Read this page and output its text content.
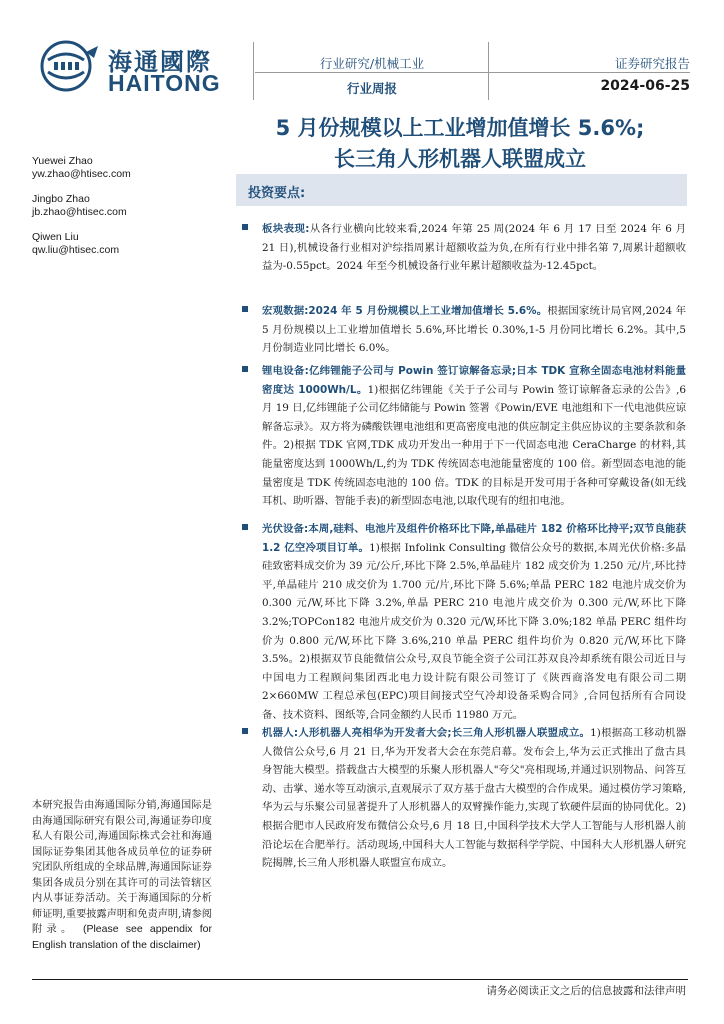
海通國際
HAITONG
行业研究/机械工业
行业周报
证券研究报告
2024-06-25
5 月份规模以上工业增加值增长 5.6%;
长三角人形机器人联盟成立
Yuewei Zhao
yw.zhao@htisec.com
Jingbo Zhao
jb.zhao@htisec.com
Qiwen Liu
qw.liu@htisec.com
投资要点:
板块表现:从各行业横向比较来看,2024 年第 25 周(2024 年 6 月 17 日至 2024 年 6 月 21 日),机械设备行业相对沪综指周累计超额收益为负,在所有行业中排名第 7,周累计超额收益为-0.55pct。2024 年至今机械设备行业年累计超额收益为-12.45pct。
宏观数据:2024 年 5 月份规模以上工业增加值增长 5.6%。根据国家统计局官网,2024 年 5 月份规模以上工业增加值增长 5.6%,环比增长 0.30%,1-5 月份同比增长 6.2%。其中,5 月份制造业同比增长 6.0%。
锂电设备:亿纬锂能子公司与 Powin 签订谅解备忘录;日本 TDK 宣称全固态电池材料能量密度达 1000Wh/L。1)根据亿纬锂能《关于子公司与 Powin 签订谅解备忘录的公告》,6 月 19 日,亿纬锂能子公司亿纬储能与 Powin 签署《Powin/EVE 电池组和下一代电池供应谅解备忘录》。双方将为磷酸铁锂电池组和更高密度电池的供应制定主供应协议的主要条款和条件。2)根据 TDK 官网,TDK 成功开发出一种用于下一代固态电池 CeraCharge 的材料,其能量密度达到 1000Wh/L,约为 TDK 传统固态电池能量密度的 100 倍。新型固态电池的能量密度是 TDK 传统固态电池的 100 倍。TDK 的目标是开发可用于各种可穿戴设备(如无线耳机、助听器、智能手表)的新型固态电池,以取代现有的纽扣电池。
光伏设备:本周,硅料、电池片及组件价格环比下降,单晶硅片 182 价格环比持平;双节良能获 1.2 亿空冷项目订单。1)根据 Infolink Consulting 微信公众号的数据,本周光伏价格:多晶硅致密料成交价为 39 元/公斤,环比下降 2.5%,单晶硅片 182 成交价为 1.250 元/片,环比持平,单晶硅片 210 成交价为 1.700 元/片,环比下降 5.6%;单晶 PERC 182 电池片成交价为 0.300 元/W,环比下降 3.2%,单晶 PERC 210 电池片成交价为 0.300 元/W,环比下降 3.2%;TOPCon182 电池片成交价为 0.320 元/W,环比下降 3.0%;182 单晶 PERC 组件均价为 0.800 元/W,环比下降 3.6%,210 单晶 PERC 组件均价为 0.820 元/W,环比下降 3.5%。2)根据双节良能微信公众号,双良节能全资子公司江苏双良冷却系统有限公司近日与中国电力工程顾问集团西北电力设计院有限公司签订了《陕西商洛发电有限公司二期 2×660MW 工程总承包(EPC)项目间接式空气冷却设备采购合同》,合同包括所有合同设备、技术资料、图纸等,合同金额约人民币 11980 万元。
机器人:人形机器人亮相华为开发者大会;长三角人形机器人联盟成立。1)根据高工移动机器人微信公众号,6 月 21 日,华为开发者大会在东莞启幕。发布会上,华为云正式推出了盘古具身智能大模型。搭载盘古大模型的乐聚人形机器人"夸父"亮相现场,并通过识别物品、问答互动、击掌、递水等互动演示,直观展示了双方基于盘古大模型的合作成果。通过模仿学习策略,华为云与乐聚公司显著提升了人形机器人的双臂操作能力,实现了软硬件层面的协同优化。2)根据合肥市人民政府发布微信公众号,6 月 18 日,中国科学技术大学人工智能与人形机器人前沿论坛在合肥举行。活动现场,中国科大人工智能与数据科学学院、中国科大人形机器人研究院揭牌,长三角人形机器人联盟宣布成立。
本研究报告由海通国际分销,海通国际是由海通国际研究有限公司,海通证券印度私人有限公司,海通国际株式会社和海通国际证券集团其他各成员单位的证券研究团队所组成的全球品牌,海通国际证券集团各成员分别在其许可的司法管辖区内从事证券活动。关于海通国际的分析师证明,重要披露声明和免责声明,请参阅附录。 (Please see appendix for English translation of the disclaimer)
请务必阅读正文之后的信息披露和法律声明
